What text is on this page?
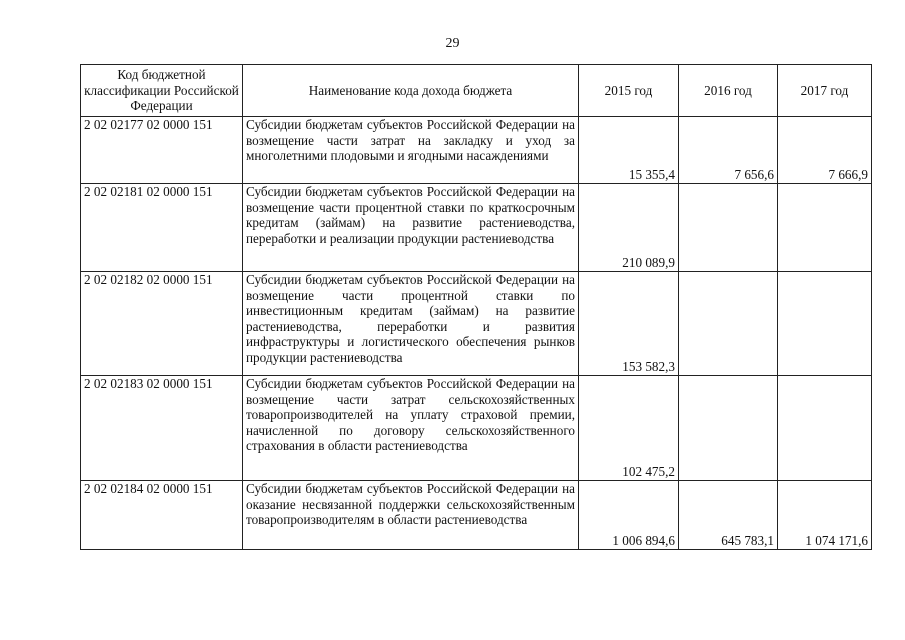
29
Код бюджетной классификации Российской Федерации	Наименование кода дохода бюджета	2015 год	2016 год	2017 год
2 02 02177 02 0000 151	Субсидии бюджетам субъектов Российской Федерации на возмещение части затрат на закладку и уход за многолетними плодовыми и ягодными насаждениями	15 355,4	7 656,6	7 666,9
2 02 02181 02 0000 151	Субсидии бюджетам субъектов Российской Федерации на возмещение части процентной ставки по краткосрочным кредитам (займам) на развитие растениеводства, переработки и реализации продукции растениеводства	210 089,9		
2 02 02182 02 0000 151	Субсидии бюджетам субъектов Российской Федерации на возмещение части процентной ставки по инвестиционным кредитам (займам) на развитие растениеводства, переработки и развития инфраструктуры и логистического обеспечения рынков продукции растениеводства	153 582,3		
2 02 02183 02 0000 151	Субсидии бюджетам субъектов Российской Федерации на возмещение части затрат сельскохозяйственных товаропроизводителей на уплату страховой премии, начисленной по договору сельскохозяйственного страхования в области растениеводства	102 475,2		
2 02 02184 02 0000 151	Субсидии бюджетам субъектов Российской Федерации на оказание несвязанной поддержки сельскохозяйственным товаропроизводителям в области растениеводства	1 006 894,6	645 783,1	1 074 171,6
